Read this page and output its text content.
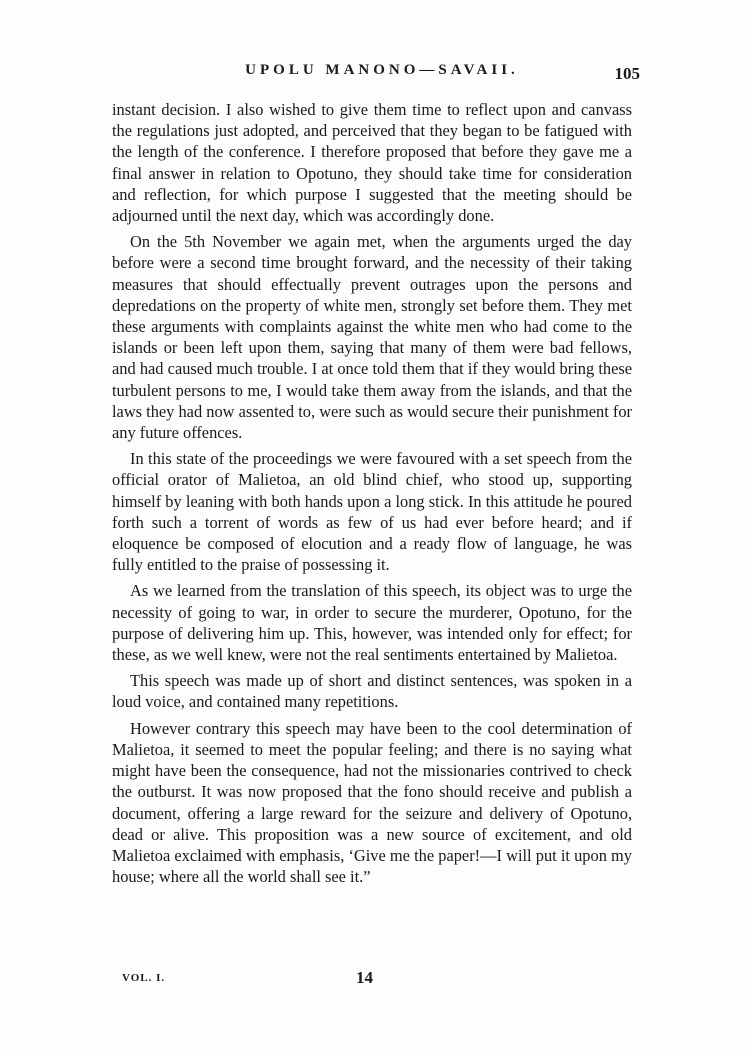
UPOLU MANONO—SAVAII.	105

instant decision. I also wished to give them time to reflect upon and canvass the regulations just adopted, and perceived that they began to be fatigued with the length of the conference. I therefore proposed that before they gave me a final answer in relation to Opotuno, they should take time for consideration and reflection, for which purpose I suggested that the meeting should be adjourned until the next day, which was accordingly done.

On the 5th November we again met, when the arguments urged the day before were a second time brought forward, and the necessity of their taking measures that should effectually prevent outrages upon the persons and depredations on the property of white men, strongly set before them. They met these arguments with complaints against the white men who had come to the islands or been left upon them, saying that many of them were bad fellows, and had caused much trouble. I at once told them that if they would bring these turbulent persons to me, I would take them away from the islands, and that the laws they had now assented to, were such as would secure their punishment for any future offences.

In this state of the proceedings we were favoured with a set speech from the official orator of Malietoa, an old blind chief, who stood up, supporting himself by leaning with both hands upon a long stick. In this attitude he poured forth such a torrent of words as few of us had ever before heard; and if eloquence be composed of elocution and a ready flow of language, he was fully entitled to the praise of possessing it.

As we learned from the translation of this speech, its object was to urge the necessity of going to war, in order to secure the murderer, Opotuno, for the purpose of delivering him up. This, however, was intended only for effect; for these, as we well knew, were not the real sentiments entertained by Malietoa.

This speech was made up of short and distinct sentences, was spoken in a loud voice, and contained many repetitions.

However contrary this speech may have been to the cool determination of Malietoa, it seemed to meet the popular feeling; and there is no saying what might have been the consequence, had not the missionaries contrived to check the outburst. It was now proposed that the fono should receive and publish a document, offering a large reward for the seizure and delivery of Opotuno, dead or alive. This proposition was a new source of excitement, and old Malietoa exclaimed with emphasis, ‘Give me the paper!—I will put it upon my house; where all the world shall see it.”

VOL. I.	14
